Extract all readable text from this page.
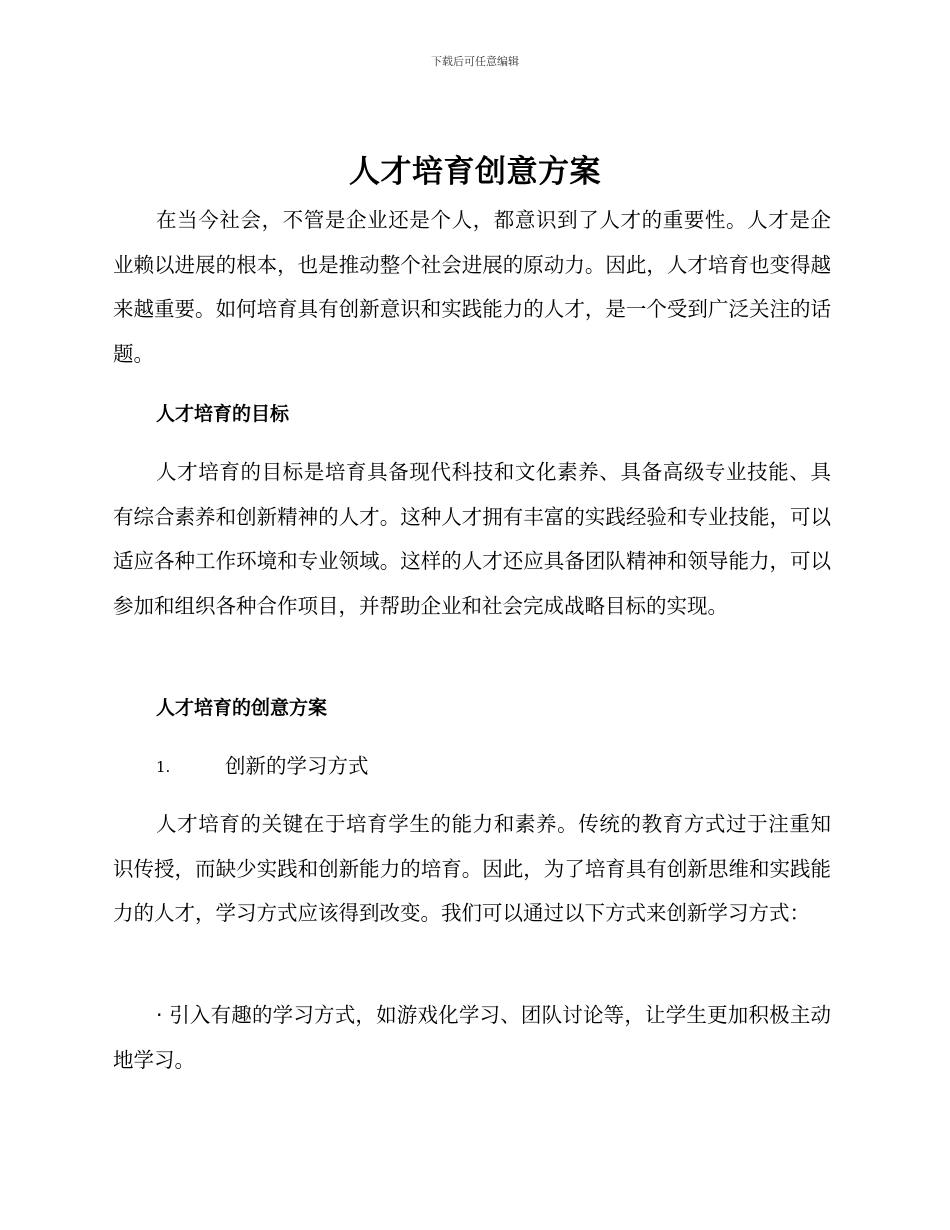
下载后可任意编辑
人才培育创意方案

在当今社会，不管是企业还是个人，都意识到了人才的重要性。人才是企业赖以进展的根本，也是推动整个社会进展的原动力。因此，人才培育也变得越来越重要。如何培育具有创新意识和实践能力的人才，是一个受到广泛关注的话题。

人才培育的目标

人才培育的目标是培育具备现代科技和文化素养、具备高级专业技能、具有综合素养和创新精神的人才。这种人才拥有丰富的实践经验和专业技能，可以适应各种工作环境和专业领域。这样的人才还应具备团队精神和领导能力，可以参加和组织各种合作项目，并帮助企业和社会完成战略目标的实现。

人才培育的创意方案

1.	创新的学习方式

人才培育的关键在于培育学生的能力和素养。传统的教育方式过于注重知识传授，而缺少实践和创新能力的培育。因此，为了培育具有创新思维和实践能力的人才，学习方式应该得到改变。我们可以通过以下方式来创新学习方式：

· 引入有趣的学习方式，如游戏化学习、团队讨论等，让学生更加积极主动地学习。
